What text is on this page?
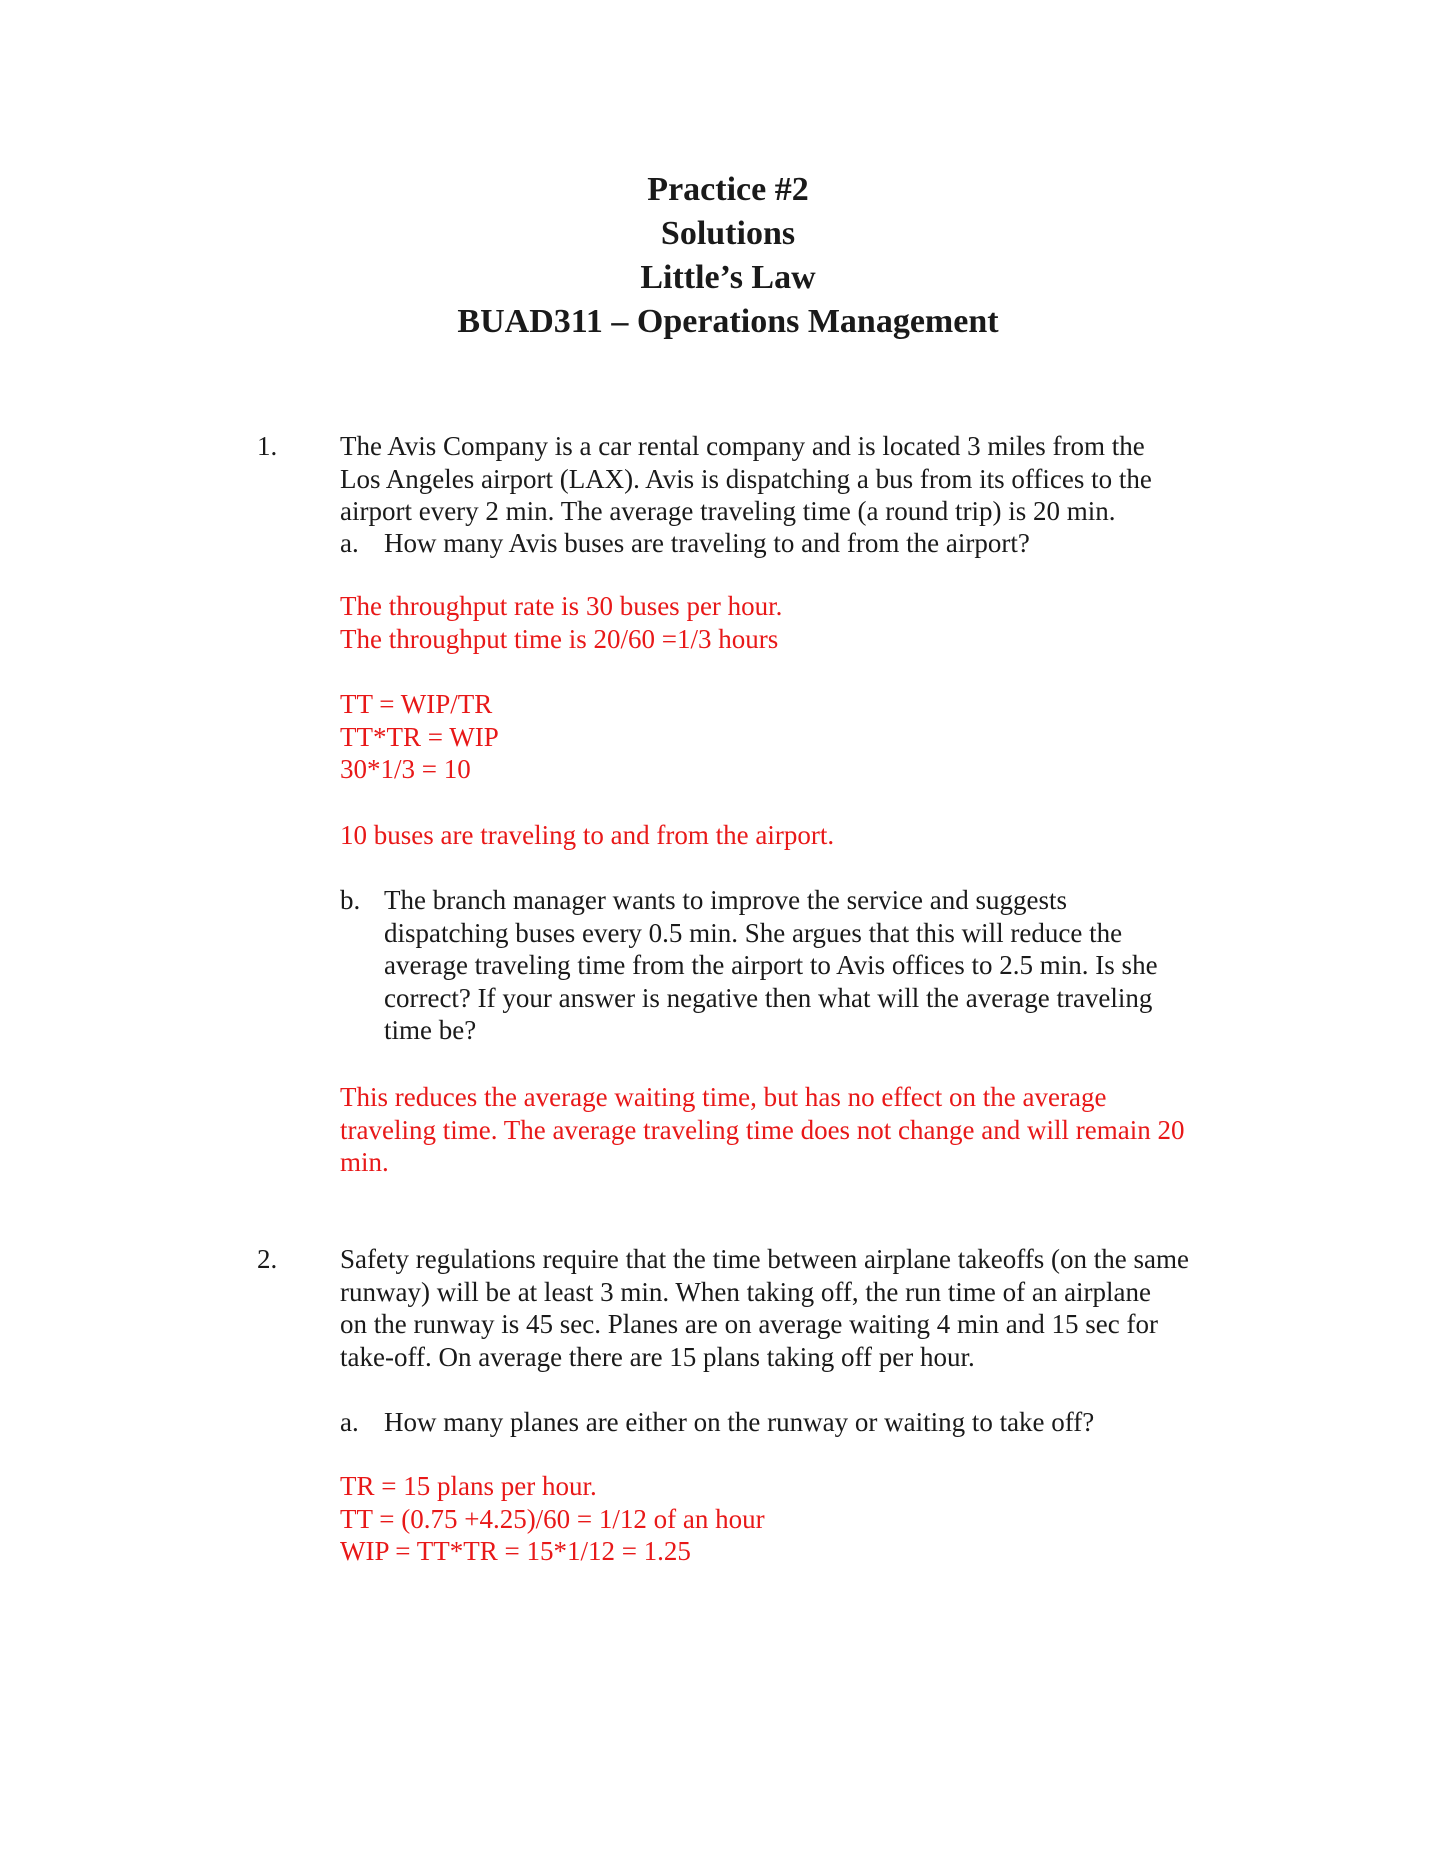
Practice #2
Solutions
Little’s Law
BUAD311 – Operations Management
1. The Avis Company is a car rental company and is located 3 miles from the
Los Angeles airport (LAX). Avis is dispatching a bus from its offices to the
airport every 2 min. The average traveling time (a round trip) is 20 min.
a. How many Avis buses are traveling to and from the airport?
The throughput rate is 30 buses per hour.
The throughput time is 20/60 =1/3 hours
TT = WIP/TR
TT*TR = WIP
30*1/3 = 10
10 buses are traveling to and from the airport.
b. The branch manager wants to improve the service and suggests
dispatching buses every 0.5 min. She argues that this will reduce the
average traveling time from the airport to Avis offices to 2.5 min. Is she
correct? If your answer is negative then what will the average traveling
time be?
This reduces the average waiting time, but has no effect on the average
traveling time. The average traveling time does not change and will remain 20
min.
2. Safety regulations require that the time between airplane takeoffs (on the same
runway) will be at least 3 min. When taking off, the run time of an airplane
on the runway is 45 sec. Planes are on average waiting 4 min and 15 sec for
take-off. On average there are 15 plans taking off per hour.
a. How many planes are either on the runway or waiting to take off?
TR = 15 plans per hour.
TT = (0.75 +4.25)/60 = 1/12 of an hour
WIP = TT*TR = 15*1/12 = 1.25
